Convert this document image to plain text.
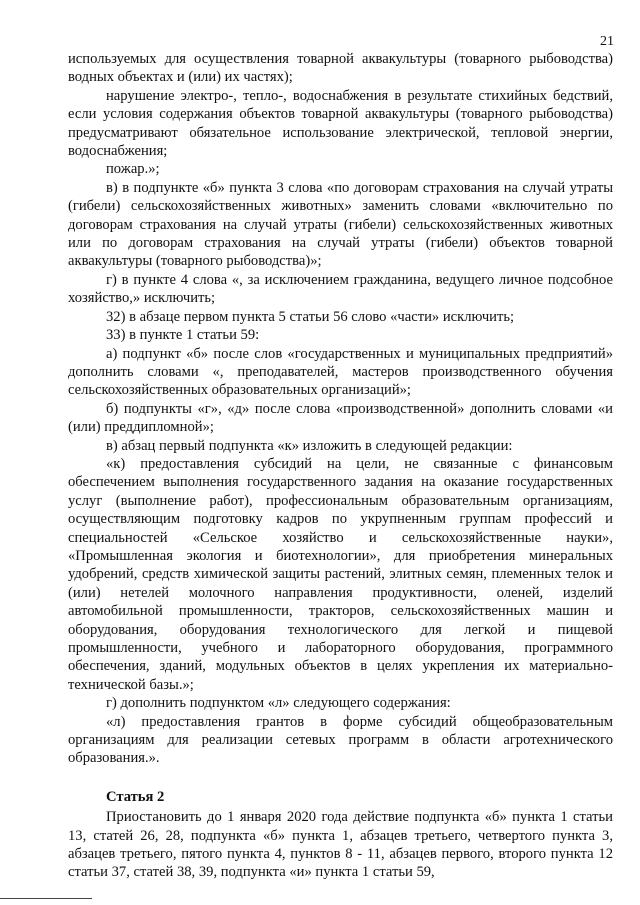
21

используемых для осуществления товарной аквакультуры (товарного рыбоводства) водных объектах и (или) их частях);

нарушение электро-, тепло-, водоснабжения в результате стихийных бедствий, если условия содержания объектов товарной аквакультуры (товарного рыбоводства) предусматривают обязательное использование электрической, тепловой энергии, водоснабжения;

пожар.»;

в) в подпункте «б» пункта 3 слова «по договорам страхования на случай утраты (гибели) сельскохозяйственных животных» заменить словами «включительно по договорам страхования на случай утраты (гибели) сельскохозяйственных животных или по договорам страхования на случай утраты (гибели) объектов товарной аквакультуры (товарного рыбоводства)»;

г) в пункте 4 слова «, за исключением гражданина, ведущего личное подсобное хозяйство,» исключить;

32) в абзаце первом пункта 5 статьи 56 слово «части» исключить;

33) в пункте 1 статьи 59:

а) подпункт «б» после слов «государственных и муниципальных предприятий» дополнить словами «, преподавателей, мастеров производственного обучения сельскохозяйственных образовательных организаций»;

б) подпункты «г», «д» после слова «производственной» дополнить словами «и (или) преддипломной»;

в) абзац первый подпункта «к» изложить в следующей редакции:

«к) предоставления субсидий на цели, не связанные с финансовым обеспечением выполнения государственного задания на оказание государственных услуг (выполнение работ), профессиональным образовательным организациям, осуществляющим подготовку кадров по укрупненным группам профессий и специальностей «Сельское хозяйство и сельскохозяйственные науки», «Промышленная экология и биотехнологии», для приобретения минеральных удобрений, средств химической защиты растений, элитных семян, племенных телок и (или) нетелей молочного направления продуктивности, оленей, изделий автомобильной промышленности, тракторов, сельскохозяйственных машин и оборудования, оборудования технологического для легкой и пищевой промышленности, учебного и лабораторного оборудования, программного обеспечения, зданий, модульных объектов в целях укрепления их материально-технической базы.»;

г) дополнить подпунктом «л» следующего содержания:

«л) предоставления грантов в форме субсидий общеобразовательным организациям для реализации сетевых программ в области агротехнического образования.».

Статья 2

Приостановить до 1 января 2020 года действие подпункта «б» пункта 1 статьи 13, статей 26, 28, подпункта «б» пункта 1, абзацев третьего, четвертого пункта 3, абзацев третьего, пятого пункта 4, пунктов 8 - 11, абзацев первого, второго пункта 12 статьи 37, статей 38, 39, подпункта «и» пункта 1 статьи 59,
